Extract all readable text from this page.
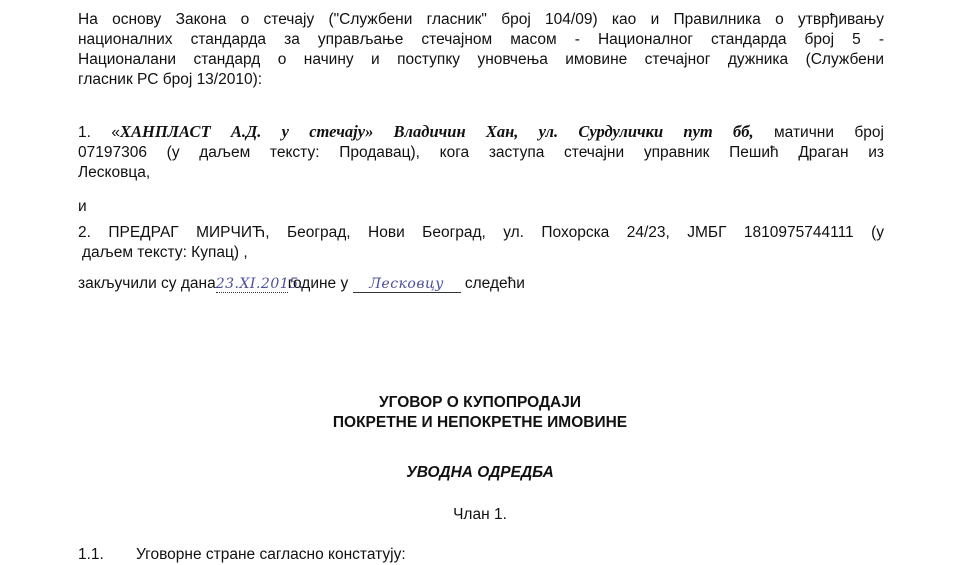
На основу Закона о стечају ("Службени гласник" број 104/09) као и Правилника о утврђивању

националних стандарда за управљање стечајном масом - Националног стандарда број 5 -

Националани стандард о начину и поступку уновчења имовине стечајног дужника (Службени

гласник РС број 13/2010):

1. «ХАНПЛАСТ А.Д. у стечају» Владичин Хан, ул. Сурдулички пут бб, матични број

07197306 (у даљем тексту: Продавац), кога заступа стечајни управник Пешић Драган из

Лесковца,

и

2. ПРЕДРАГ МИРЧИЋ, Београд, Нови Београд, ул. Похорска 24/23, ЈМБГ 1810975744111 (у

даљем тексту: Купац) ,

закључили су дана23.XI.2015.године у Лесковцу следећи

УГОВОР О КУПОПРОДАЈИ
ПОКРЕТНЕ И НЕПОКРЕТНЕ ИМОВИНЕ
УВОДНА ОДРЕДБА
Члан 1.

1.1. Уговорне стране сагласно констатују:
